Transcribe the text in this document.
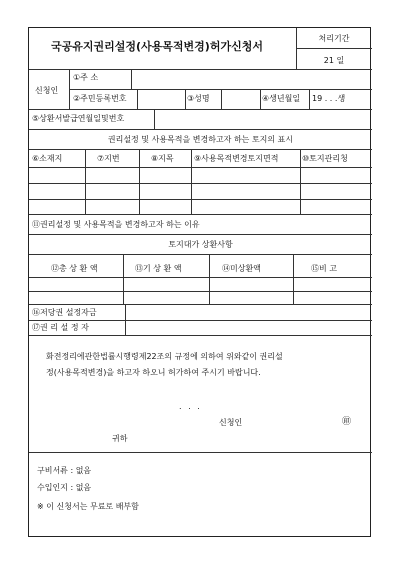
국공유지권리설정(사용목적변경)허가신청서
처리기간
21 일
신청인
①주 소
②주민등록번호	③성명	④생년월일 19 . . .생
⑤상환서발급연월일및번호
권리설정 및 사용목적을 변경하고자 하는 토지의 표시
⑥소재지	⑦지번	⑧지목	⑨사용목적변경토지면적	⑩토지관리청
⑪권리설정 및 사용목적을 변경하고자 하는 이유
토지대가 상환사항
⑫총 상 환 액	⑬기 상 환 액	⑭미상환액	⑮비 고
⑯저당권 설정자금
⑰권 리 설 정 자
화전정리에관한법률시행령제22조의 규정에 의하여 위와같이 권리설
정(사용목적변경)을 하고자 하오니 허가하여 주시기 바랍니다.
. . .
신청인	㊞
귀하
구비서류 : 없음
수입인지 : 없음
※ 이 신청서는 무료로 배부함
